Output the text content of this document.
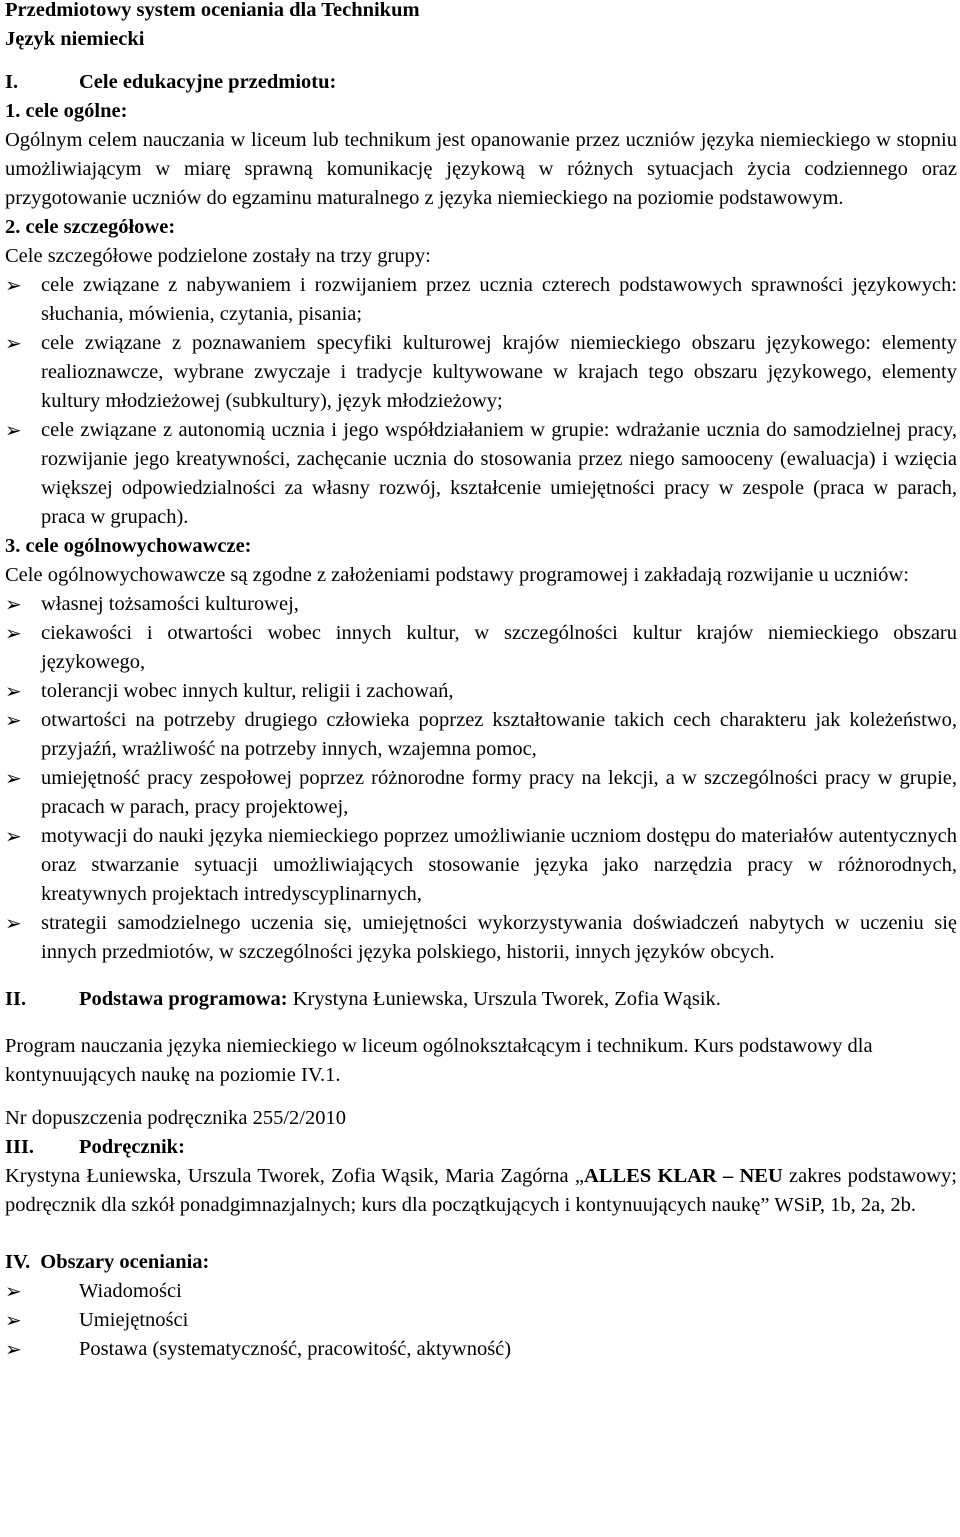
Przedmiotowy system oceniania dla Technikum

Język niemiecki

I.	Cele edukacyjne przedmiotu:

1. cele ogólne:

Ogólnym celem nauczania w liceum lub technikum jest opanowanie przez uczniów języka niemieckiego w stopniu umożliwiającym w miarę sprawną komunikację językową w różnych sytuacjach życia codziennego oraz przygotowanie uczniów do egzaminu maturalnego z języka niemieckiego na poziomie podstawowym.

2. cele szczegółowe:

Cele szczegółowe podzielone zostały na trzy grupy:

➢ cele związane z nabywaniem i rozwijaniem przez ucznia czterech podstawowych sprawności językowych: słuchania, mówienia, czytania, pisania;
➢ cele związane z poznawaniem specyfiki kulturowej krajów niemieckiego obszaru językowego: elementy realioznawcze, wybrane zwyczaje i tradycje kultywowane w krajach tego obszaru językowego, elementy kultury młodzieżowej (subkultury), język młodzieżowy;
➢ cele związane z autonomią ucznia i jego współdziałaniem w grupie: wdrażanie ucznia do samodzielnej pracy, rozwijanie jego kreatywności, zachęcanie ucznia do stosowania przez niego samooceny (ewaluacja) i wzięcia większej odpowiedzialności za własny rozwój, kształcenie umiejętności pracy w zespole (praca w parach, praca w grupach).

3. cele ogólnowychowawcze:

Cele ogólnowychowawcze są zgodne z założeniami podstawy programowej i zakładają rozwijanie u uczniów:

➢ własnej tożsamości kulturowej,
➢ ciekawości i otwartości wobec innych kultur, w szczególności kultur krajów niemieckiego obszaru językowego,
➢ tolerancji wobec innych kultur, religii i zachowań,
➢ otwartości na potrzeby drugiego człowieka poprzez kształtowanie takich cech charakteru jak koleżeństwo, przyjaźń, wrażliwość na potrzeby innych, wzajemna pomoc,
➢ umiejętność pracy zespołowej poprzez różnorodne formy pracy na lekcji, a w szczególności pracy w grupie, pracach w parach, pracy projektowej,
➢ motywacji do nauki języka niemieckiego poprzez umożliwianie uczniom dostępu do materiałów autentycznych oraz stwarzanie sytuacji umożliwiających stosowanie języka jako narzędzia pracy w różnorodnych, kreatywnych projektach intredyscyplinarnych,
➢ strategii samodzielnego uczenia się, umiejętności wykorzystywania doświadczeń nabytych w uczeniu się innych przedmiotów, w szczególności języka polskiego, historii, innych języków obcych.
II.	Podstawa programowa: Krystyna Łuniewska, Urszula Tworek, Zofia Wąsik.

Program nauczania języka niemieckiego w liceum ogólnokształcącym i technikum. Kurs podstawowy dla kontynuujących naukę na poziomie IV.1.

Nr dopuszczenia podręcznika 255/2/2010

III.	Podręcznik:

Krystyna Łuniewska, Urszula Tworek, Zofia Wąsik, Maria Zagórna „ALLES KLAR – NEU zakres podstawowy; podręcznik dla szkół ponadgimnazjalnych; kurs dla początkujących i kontynuujących naukę” WSiP, 1b, 2a, 2b.

IV. Obszary oceniania:
➢	Wiadomości
➢	Umiejętności
➢	Postawa (systematyczność, pracowitość, aktywność)
